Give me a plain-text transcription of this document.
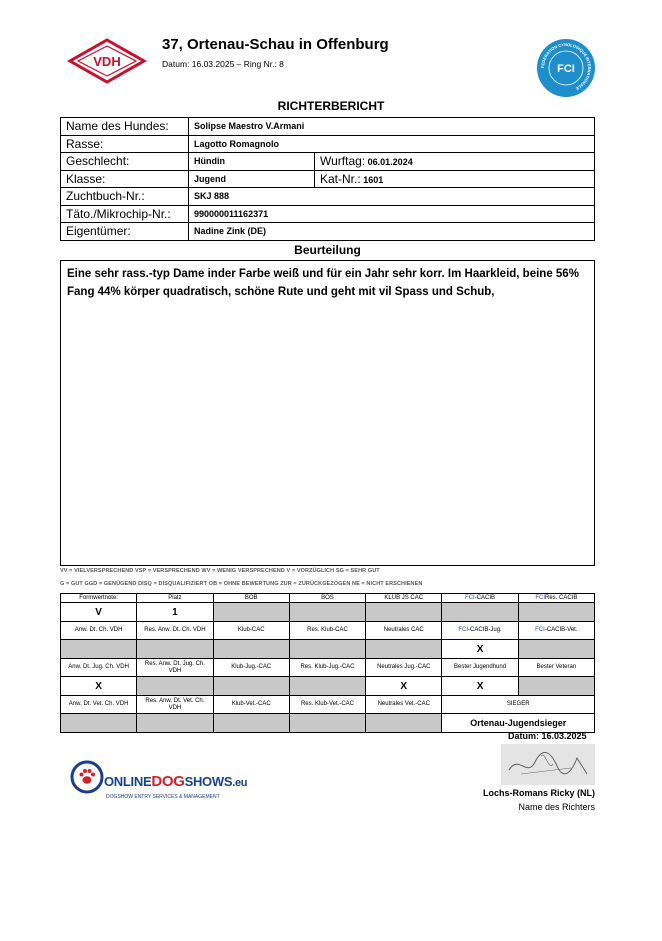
VDH
37, Ortenau-Schau in Offenburg
Datum: 16.03.2025 – Ring Nr.: 8	FEDERATION CYNOLOGIQUE INTERNATIONALE
FCI
RICHTERBERICHT
Name des Hundes:	Solipse Maestro V.Armani	
Rasse:	Lagotto Romagnolo	
Geschlecht:	Hündin	Wurftag: 06.01.2024
Klasse:	Jugend	Kat-Nr.: 1601
Zuchtbuch-Nr.:	SKJ 888	
Täto./Mikrochip-Nr.:	990000011162371	
Eigentümer:	Nadine Zink (DE)	
Beurteilung
Eine sehr rass.-typ Dame inder Farbe weiß und für ein Jahr sehr korr. Im Haarkleid, beine 56% Fang 44% körper quadratisch, schöne Rute und geht mit vil Spass und Schub,
VV = VIELVERSPRECHEND VSP = VERSPRECHEND WV = WENIG VERSPRECHEND V = VORZÜGLICH SG = SEHR GUT
G = GUT GGD = GENÜGEND DISQ = DISQUALIFIZIERT OB = OHNE BEWERTUNG ZUR = ZURÜCKGEZOGEN NE = NICHT ERSCHIENEN
Formwertnote:	Platz	BOB	BOS	KLUB JS CAC	FCI-CACIB	FCIRes. CACIB
V	1					
Anw. Dt. Ch. VDH	Res. Anw. Dt. Ch. VDH	Klub-CAC	Res. Klub-CAC	Neutrales CAC	FCI-CACIB-Jug.	FCI-CACIB-Vet.
					X	
Anw. Dt. Jug. Ch. VDH	Res. Anw. Dt. Jug. Ch. VDH	Klub-Jug.-CAC	Res. Klub-Jug.-CAC	Neutrales Jug.-CAC	Bester Jugendhund	Bester Veteran
X				X	X	
Anw. Dt. Vet. Ch. VDH	Res. Anw. Dt. Vet. Ch. VDH	Klub-Vet.-CAC	Res. Klub-Vet.-CAC	Neutrales Vet.-CAC	SIEGER	
					Ortenau-Jugendsieger	
Datum: 16.03.2025
Lochs-Romans Ricky (NL)
Name des Richters
ONLINEDOGSHOWS.eu
DOGSHOW ENTRY SERVICES & MANAGEMENT
